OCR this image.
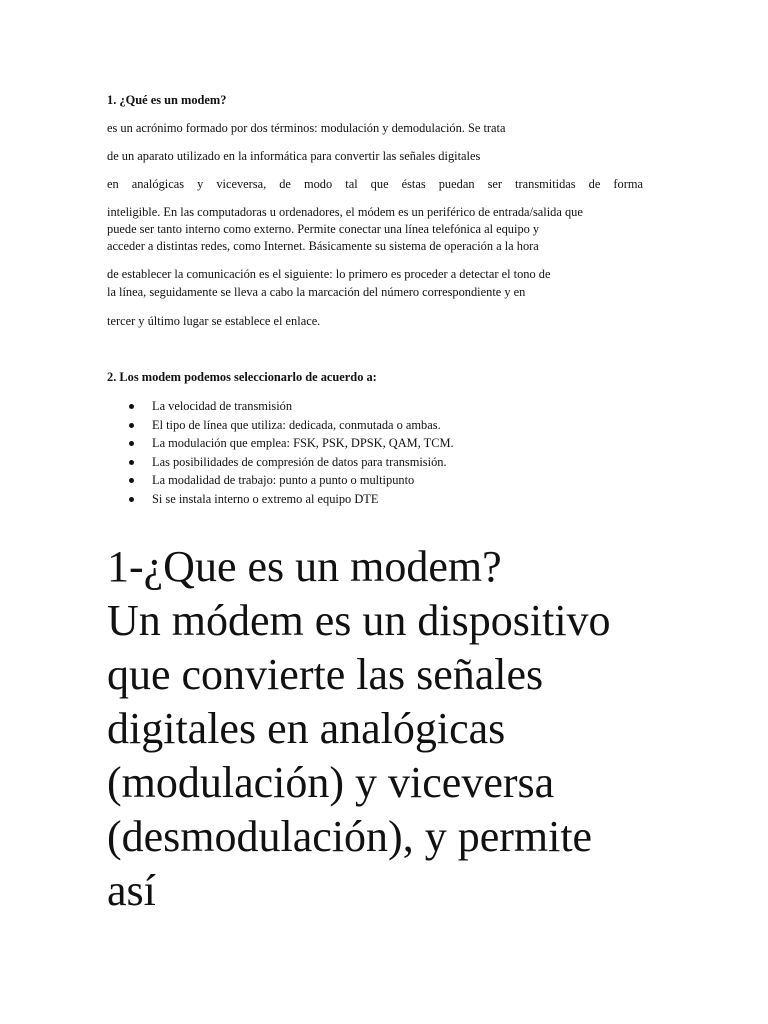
1. ¿Qué es un modem?
es un acrónimo formado por dos términos: modulación y demodulación. Se trata
de un aparato utilizado en la informática para convertir las señales digitales
en analógicas y viceversa, de modo tal que éstas puedan ser transmitidas de forma
inteligible. En las computadoras u ordenadores, el módem es un periférico de entrada/salida que
puede ser tanto interno como externo. Permite conectar una línea telefónica al equipo y
acceder a distintas redes, como Internet. Básicamente su sistema de operación a la hora
de establecer la comunicación es el siguiente: lo primero es proceder a detectar el tono de
la línea, seguidamente se lleva a cabo la marcación del número correspondiente y en
tercer y último lugar se establece el enlace.
2. Los modem podemos seleccionarlo de acuerdo a:
La velocidad de transmisión
El tipo de línea que utiliza: dedicada, conmutada o ambas.
La modulación que emplea: FSK, PSK, DPSK, QAM, TCM.
Las posibilidades de compresión de datos para transmisión.
La modalidad de trabajo: punto a punto o multipunto
Si se instala interno o extremo al equipo DTE
1-¿Que es un modem?
Un módem es un dispositivo
que convierte las señales
digitales en analógicas
(modulación) y viceversa
(desmodulación), y permite
así
